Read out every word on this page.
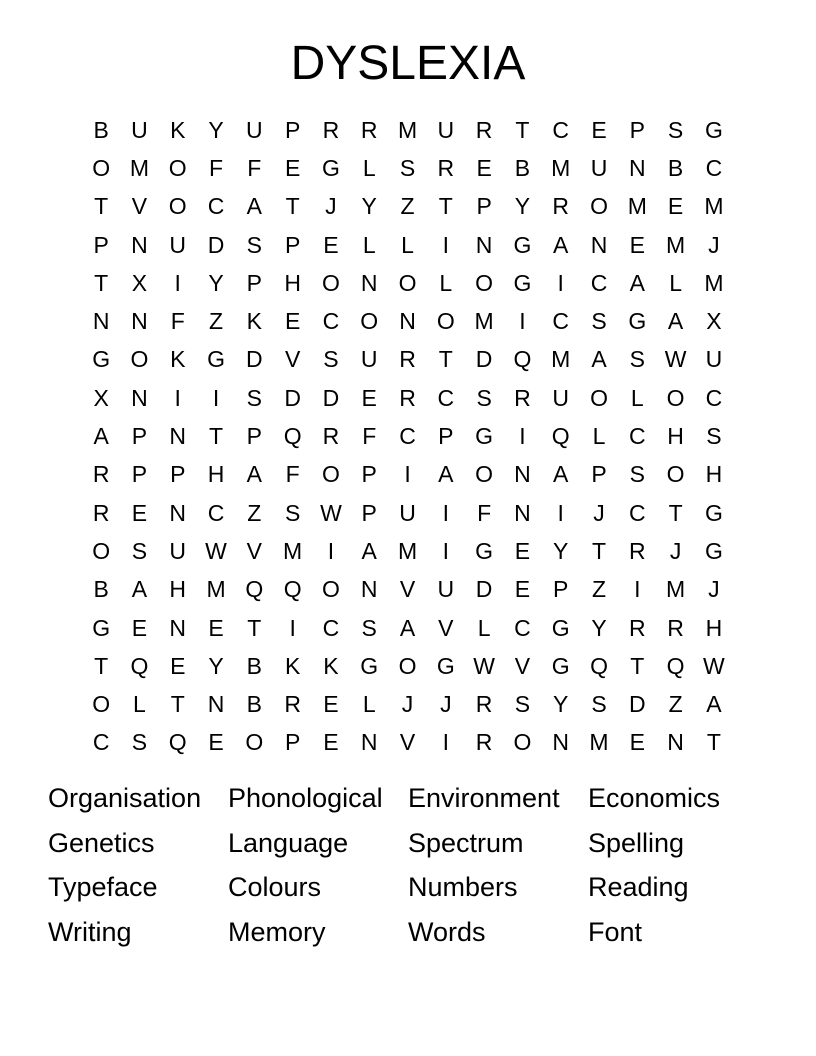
DYSLEXIA
B U K Y U P R R M U R T C E P S G
O M O F	F	E G L	S R E B M U N B C
T	V O C A	T	J	Y	Z	T	P Y R O M E M
P N U D S P E	L	L	I	N G A N E M J
T	X	I	Y P H O N O L O G	I	C A	L M
N N F	Z	K E C O N O M	I	C S G A X
G O K G D V S U R T D Q M A S W U
X N	I	I	S D D E R C S R U O L O C
A P N T	P Q R F C P G	I	Q L	C H S
R P P H A	F O P	I	A O N A P S O H
R E N C Z	S W P U	I	F N	I	J	C T G
O S U W V M	I	A M	I	G E Y	T R	J	G
B A H M Q Q O N V U D E P	Z	I	M J
G E N E	T	I	C S A V	L	C G Y R R H
T Q E Y B K K G O G W V G Q T Q W
O L	T N B R E	L	J	J	R S Y S D Z	A
C S Q E O P E N V	I	R O N M E N T
Organisation Phonological Environment	Economics
Genetics	Language	Spectrum	Spelling
Typeface	Colours	Numbers	Reading
Writing	Memory	Words	Font
